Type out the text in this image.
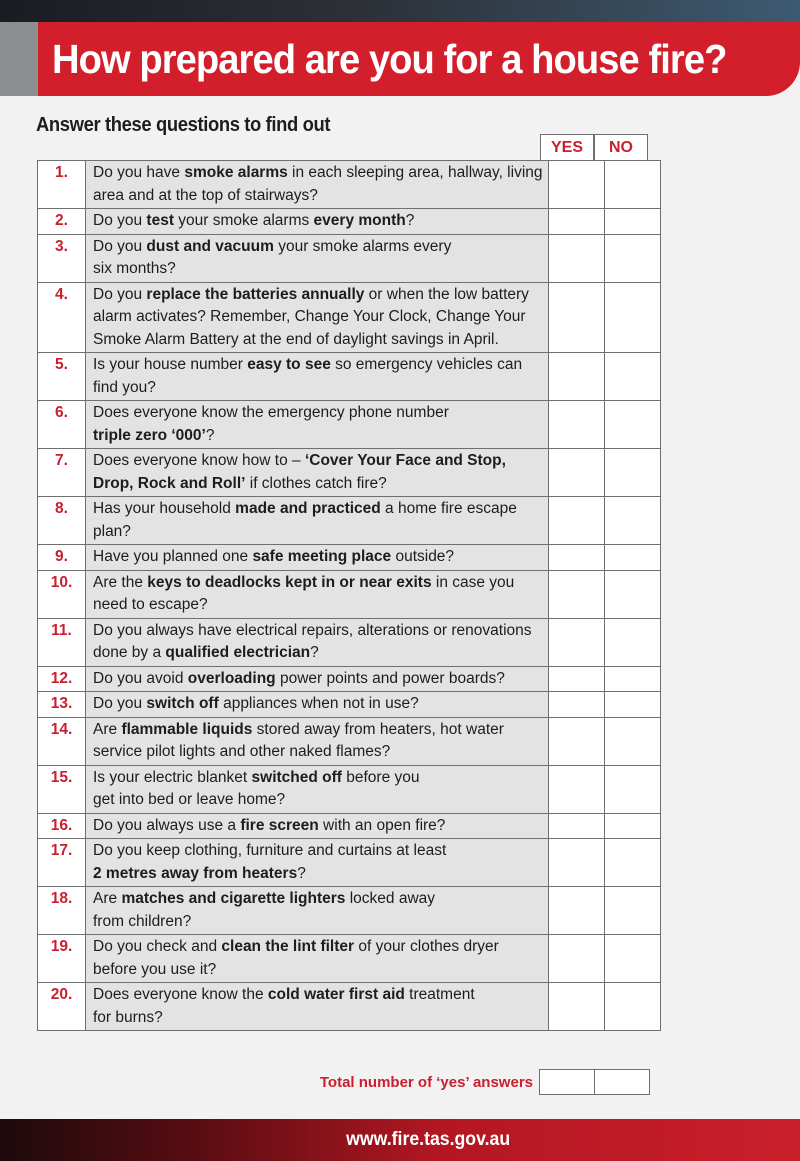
How prepared are you for a house fire?
Answer these questions to find out
YES	NO
1.	Do you have smoke alarms in each sleeping area, hallway, living area and at the top of stairways?		
2.	Do you test your smoke alarms every month?		
3.	Do you dust and vacuum your smoke alarms every
six months?		
4.	Do you replace the batteries annually or when the low battery alarm activates? Remember, Change Your Clock, Change Your Smoke Alarm Battery at the end of daylight savings in April.		
5.	Is your house number easy to see so emergency vehicles can find you?		
6.	Does everyone know the emergency phone number
triple zero ‘000’?		
7.	Does everyone know how to – ‘Cover Your Face and Stop, Drop, Rock and Roll’ if clothes catch fire?		
8.	Has your household made and practiced a home fire escape plan?		
9.	Have you planned one safe meeting place outside?		
10.	Are the keys to deadlocks kept in or near exits in case you need to escape?		
11.	Do you always have electrical repairs, alterations or renovations done by a qualified electrician?		
12.	Do you avoid overloading power points and power boards?		
13.	Do you switch off appliances when not in use?		
14.	Are flammable liquids stored away from heaters, hot water service pilot lights and other naked flames?		
15.	Is your electric blanket switched off before you
get into bed or leave home?		
16.	Do you always use a fire screen with an open fire?		
17.	Do you keep clothing, furniture and curtains at least
2 metres away from heaters?		
18.	Are matches and cigarette lighters locked away
from children?		
19.	Do you check and clean the lint filter of your clothes dryer before you use it?		
20.	Does everyone know the cold water first aid treatment
for burns?		
Total number of ‘yes’ answers
www.fire.tas.gov.au
